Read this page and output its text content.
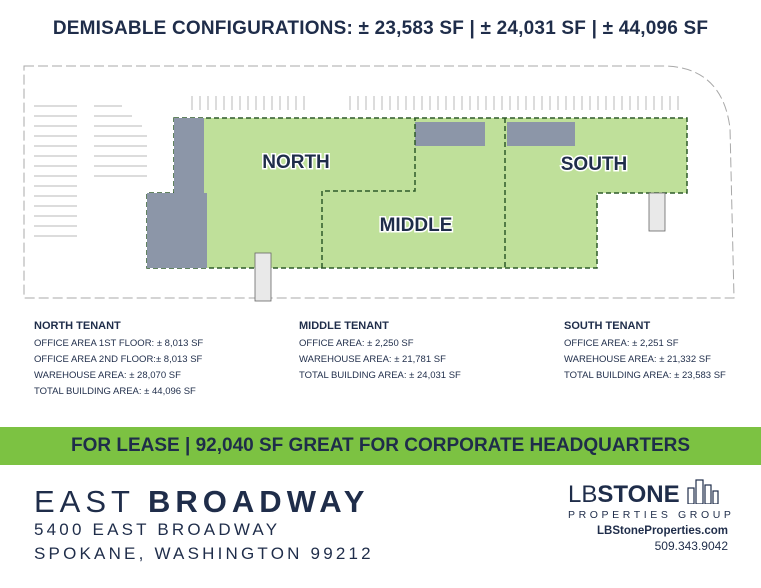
DEMISABLE CONFIGURATIONS: ± 23,583 SF | ± 24,031 SF | ± 44,096 SF
NORTH
MIDDLE
SOUTH
NORTH TENANT
OFFICE AREA 1ST FLOOR: ± 8,013 SF
OFFICE AREA 2ND FLOOR:± 8,013 SF
WAREHOUSE AREA: ± 28,070 SF
TOTAL BUILDING AREA: ± 44,096 SF
MIDDLE TENANT
OFFICE AREA: ± 2,250 SF
WAREHOUSE AREA: ± 21,781 SF
TOTAL BUILDING AREA: ± 24,031 SF
SOUTH TENANT
OFFICE AREA: ± 2,251 SF
WAREHOUSE AREA: ± 21,332 SF
TOTAL BUILDING AREA: ± 23,583 SF
FOR LEASE | 92,040 SF GREAT FOR CORPORATE HEADQUARTERS
EAST BROADWAY
5400 EAST BROADWAY
SPOKANE, WASHINGTON 99212
LBSTONE
PROPERTIES GROUP
LBStoneProperties.com
509.343.9042
